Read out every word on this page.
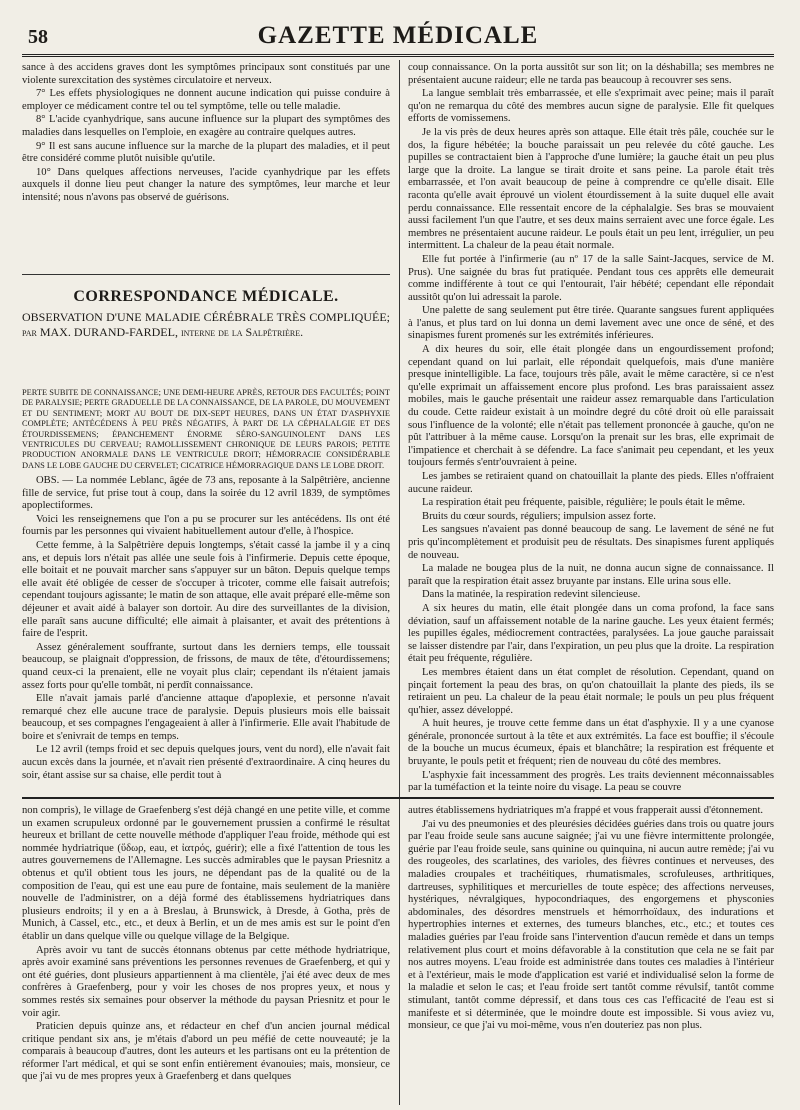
58	GAZETTE MÉDICALE

sance à des accidens graves dont les symptômes principaux sont constitués par une violente surexcitation des systèmes circulatoire et nerveux.

7° Les effets physiologiques ne donnent aucune indication qui puisse conduire à employer ce médicament contre tel ou tel symptôme, telle ou telle maladie.

8° L'acide cyanhydrique, sans aucune influence sur la plupart des symptômes des maladies dans lesquelles on l'emploie, en exagère au contraire quelques autres.

9° Il est sans aucune influence sur la marche de la plupart des maladies, et il peut être considéré comme plutôt nuisible qu'utile.

10° Dans quelques affections nerveuses, l'acide cyanhydrique par les effets auxquels il donne lieu peut changer la nature des symptômes, leur marche et leur intensité; nous n'avons pas observé de guérisons.

CORRESPONDANCE MÉDICALE.
OBSERVATION D'UNE MALADIE CÉRÉBRALE TRÈS COMPLIQUÉE; par MAX. DURAND-FARDEL, interne de la Salpêtrière.
PERTE SUBITE DE CONNAISSANCE; UNE DEMI-HEURE APRÈS, RETOUR DES FACULTÉS; POINT DE PARALYSIE; PERTE GRADUELLE DE LA CONNAISSANCE, DE LA PAROLE, DU MOUVEMENT ET DU SENTIMENT; MORT AU BOUT DE DIX-SEPT HEURES, DANS UN ÉTAT D'ASPHYXIE COMPLÈTE; ANTÉCÉDENS À PEU PRÈS NÉGATIFS, À PART DE LA CÉPHALALGIE ET DES ÉTOURDISSEMENS; ÉPANCHEMENT ÉNORME SÉRO-SANGUINOLENT DANS LES VENTRICULES DU CERVEAU; RAMOLLISSEMENT CHRONIQUE DE LEURS PAROIS; PETITE PRODUCTION ANORMALE DANS LE VENTRICULE DROIT; HÉMORRACIE CONSIDÉRABLE DANS LE LOBE GAUCHE DU CERVELET; CICATRICE HÉMORRAGIQUE DANS LE LOBE DROIT.

OBS. — La nommée Leblanc, âgée de 73 ans, reposante à la Salpêtrière, ancienne fille de service, fut prise tout à coup, dans la soirée du 12 avril 1839, de symptômes apoplectiformes.

Voici les renseignemens que l'on a pu se procurer sur les antécédens. Ils ont été fournis par les personnes qui vivaient habituellement autour d'elle, à l'hospice.

Cette femme, à la Salpêtrière depuis longtemps, s'était cassé la jambe il y a cinq ans, et depuis lors n'était pas allée une seule fois à l'infirmerie. Depuis cette époque, elle boitait et ne pouvait marcher sans s'appuyer sur un bâton. Depuis quelque temps elle avait été obligée de cesser de s'occuper à tricoter, comme elle faisait autrefois; cependant toujours agissante; le matin de son attaque, elle avait préparé elle-même son déjeuner et avait aidé à balayer son dortoir. Au dire des surveillantes de la division, elle paraît sans aucune difficulté; elle aimait à plaisanter, et avait des prétentions à faire de l'esprit.

Assez généralement souffrante, surtout dans les derniers temps, elle toussait beaucoup, se plaignait d'oppression, de frissons, de maux de tête, d'étourdissemens; quand ceux-ci la prenaient, elle ne voyait plus clair; cependant ils n'étaient jamais assez forts pour qu'elle tombât, ni perdît connaissance.

Elle n'avait jamais parlé d'ancienne attaque d'apoplexie, et personne n'avait remarqué chez elle aucune trace de paralysie. Depuis plusieurs mois elle baissait beaucoup, et ses compagnes l'engageaient à aller à l'infirmerie. Elle avait l'habitude de boire et s'enivrait de temps en temps.

Le 12 avril (temps froid et sec depuis quelques jours, vent du nord), elle n'avait fait aucun excès dans la journée, et n'avait rien présenté d'extraordinaire. A cinq heures du soir, étant assise sur sa chaise, elle perdit tout à

coup connaissance. On la porta aussitôt sur son lit; on la déshabilla; ses membres ne présentaient aucune raideur; elle ne tarda pas beaucoup à recouvrer ses sens.

La langue semblait très embarrassée, et elle s'exprimait avec peine; mais il paraît qu'on ne remarqua du côté des membres aucun signe de paralysie. Elle fit quelques efforts de vomissemens.

Je la vis près de deux heures après son attaque. Elle était très pâle, couchée sur le dos, la figure hébétée; la bouche paraissait un peu relevée du côté gauche. Les pupilles se contractaient bien à l'approche d'une lumière; la gauche était un peu plus large que la droite. La langue se tirait droite et sans peine. La parole était très embarrassée, et l'on avait beaucoup de peine à comprendre ce qu'elle disait. Elle raconta qu'elle avait éprouvé un violent étourdissement à la suite duquel elle avait perdu connaissance. Elle ressentait encore de la céphalalgie. Ses bras se mouvaient aussi facilement l'un que l'autre, et ses deux mains serraient avec une force égale. Les membres ne présentaient aucune raideur. Le pouls était un peu lent, irrégulier, un peu intermittent. La chaleur de la peau était normale.

Elle fut portée à l'infirmerie (au nº 17 de la salle Saint-Jacques, service de M. Prus). Une saignée du bras fut pratiquée. Pendant tous ces apprêts elle demeurait comme indifférente à tout ce qui l'entourait, l'air hébété; cependant elle répondait aussitôt qu'on lui adressait la parole.

Une palette de sang seulement put être tirée. Quarante sangsues furent appliquées à l'anus, et plus tard on lui donna un demi lavement avec une once de séné, et des sinapismes furent promenés sur les extrémités inférieures.

A dix heures du soir, elle était plongée dans un engourdissement profond; cependant quand on lui parlait, elle répondait quelquefois, mais d'une manière presque inintelligible. La face, toujours très pâle, avait le même caractère, si ce n'est qu'elle exprimait un affaissement encore plus profond. Les bras paraissaient assez mobiles, mais le gauche présentait une raideur assez remarquable dans l'articulation du coude. Cette raideur existait à un moindre degré du côté droit où elle paraissait sous l'influence de la volonté; elle n'était pas tellement prononcée à gauche, qu'on ne pût l'attribuer à la même cause. Lorsqu'on la prenait sur les bras, elle exprimait de l'impatience et cherchait à se défendre. La face s'animait peu cependant, et les yeux toujours fermés s'entr'ouvraient à peine.

Les jambes se retiraient quand on chatouillait la plante des pieds. Elles n'offraient aucune raideur.

La respiration était peu fréquente, paisible, régulière; le pouls était le même.

Bruits du cœur sourds, réguliers; impulsion assez forte.

Les sangsues n'avaient pas donné beaucoup de sang. Le lavement de séné ne fut pris qu'incomplètement et produisit peu de résultats. Des sinapismes furent appliqués de nouveau.

La malade ne bougea plus de la nuit, ne donna aucun signe de connaissance. Il paraît que la respiration était assez bruyante par instans. Elle urina sous elle.

Dans la matinée, la respiration redevint silencieuse.

A six heures du matin, elle était plongée dans un coma profond, la face sans déviation, sauf un affaissement notable de la narine gauche. Les yeux étaient fermés; les pupilles égales, médiocrement contractées, paralysées. La joue gauche paraissait se laisser distendre par l'air, dans l'expiration, un peu plus que la droite. La respiration était peu fréquente, régulière.

Les membres étaient dans un état complet de résolution. Cependant, quand on pinçait fortement la peau des bras, on qu'on chatouillait la plante des pieds, ils se retiraient un peu. La chaleur de la peau était normale; le pouls un peu plus fréquent qu'hier, assez développé.

A huit heures, je trouve cette femme dans un état d'asphyxie. Il y a une cyanose générale, prononcée surtout à la tête et aux extrémités. La face est bouffie; il s'écoule de la bouche un mucus écumeux, épais et blanchâtre; la respiration est fréquente et bruyante, le pouls petit et fréquent; rien de nouveau du côté des membres.

L'asphyxie fait incessamment des progrès. Les traits deviennent méconnaissables par la tuméfaction et la teinte noire du visage. La peau se couvre

non compris), le village de Graefenberg s'est déjà changé en une petite ville, et comme un examen scrupuleux ordonné par le gouvernement prussien a confirmé le résultat heureux et brillant de cette nouvelle méthode d'appliquer l'eau froide, méthode qui est nommée hydriatrique (ὕδωρ, eau, et ἰατρός, guérir); elle a fixé l'attention de tous les autres gouvernemens de l'Allemagne. Les succès admirables que le paysan Priesnitz a obtenus et qu'il obtient tous les jours, ne dépendant pas de la qualité ou de la composition de l'eau, qui est une eau pure de fontaine, mais seulement de la manière nouvelle de l'administrer, on a déjà formé des établissemens hydriatriques dans plusieurs endroits; il y en a à Breslau, à Brunswick, à Dresde, à Gotha, près de Munich, à Cassel, etc., etc., et deux à Berlin, et un de mes amis est sur le point d'en établir un dans quelque ville ou quelque village de la Belgique.

Après avoir vu tant de succès étonnans obtenus par cette méthode hydriatrique, après avoir examiné sans préventions les personnes revenues de Graefenberg, et qui y ont été guéries, dont plusieurs appartiennent à ma clientèle, j'ai été avec deux de mes confrères à Graefenberg, pour y voir les choses de nos propres yeux, et nous y sommes restés six semaines pour observer la méthode du paysan Priesnitz et pour le voir agir.

Praticien depuis quinze ans, et rédacteur en chef d'un ancien journal médical critique pendant six ans, je m'étais d'abord un peu méfié de cette nouveauté; je la comparais à beaucoup d'autres, dont les auteurs et les partisans ont eu la prétention de réformer l'art médical, et qui se sont enfin entièrement évanouies; mais, monsieur, ce que j'ai vu de mes propres yeux à Graefenberg et dans quelques

autres établissemens hydriatriques m'a frappé et vous frapperait aussi d'étonnement.

J'ai vu des pneumonies et des pleurésies décidées guéries dans trois ou quatre jours par l'eau froide seule sans aucune saignée; j'ai vu une fièvre intermittente prolongée, guérie par l'eau froide seule, sans quinine ou quinquina, ni aucun autre remède; j'ai vu des rougeoles, des scarlatines, des varioles, des fièvres continues et nerveuses, des maladies croupales et trachéitiques, rhumatismales, scrofuleuses, arthritiques, dartreuses, syphilitiques et mercurielles de toute espèce; des affections nerveuses, hystériques, névralgiques, hypocondriaques, des engorgemens et physconies abdominales, des désordres menstruels et hémorrhoïdaux, des indurations et hypertrophies internes et externes, des tumeurs blanches, etc., etc.; et toutes ces maladies guéries par l'eau froide sans l'intervention d'aucun remède et dans un temps relativement plus court et moins défavorable à la constitution que cela ne se fait par nos autres moyens. L'eau froide est administrée dans toutes ces maladies à l'intérieur et à l'extérieur, mais le mode d'application est varié et individualisé selon la forme de la maladie et selon le cas; et l'eau froide sert tantôt comme révulsif, tantôt comme stimulant, tantôt comme dépressif, et dans tous ces cas l'efficacité de l'eau est si manifeste et si déterminée, que le moindre doute est impossible. Si vous aviez vu, monsieur, ce que j'ai vu moi-même, vous n'en douteriez pas non plus.
